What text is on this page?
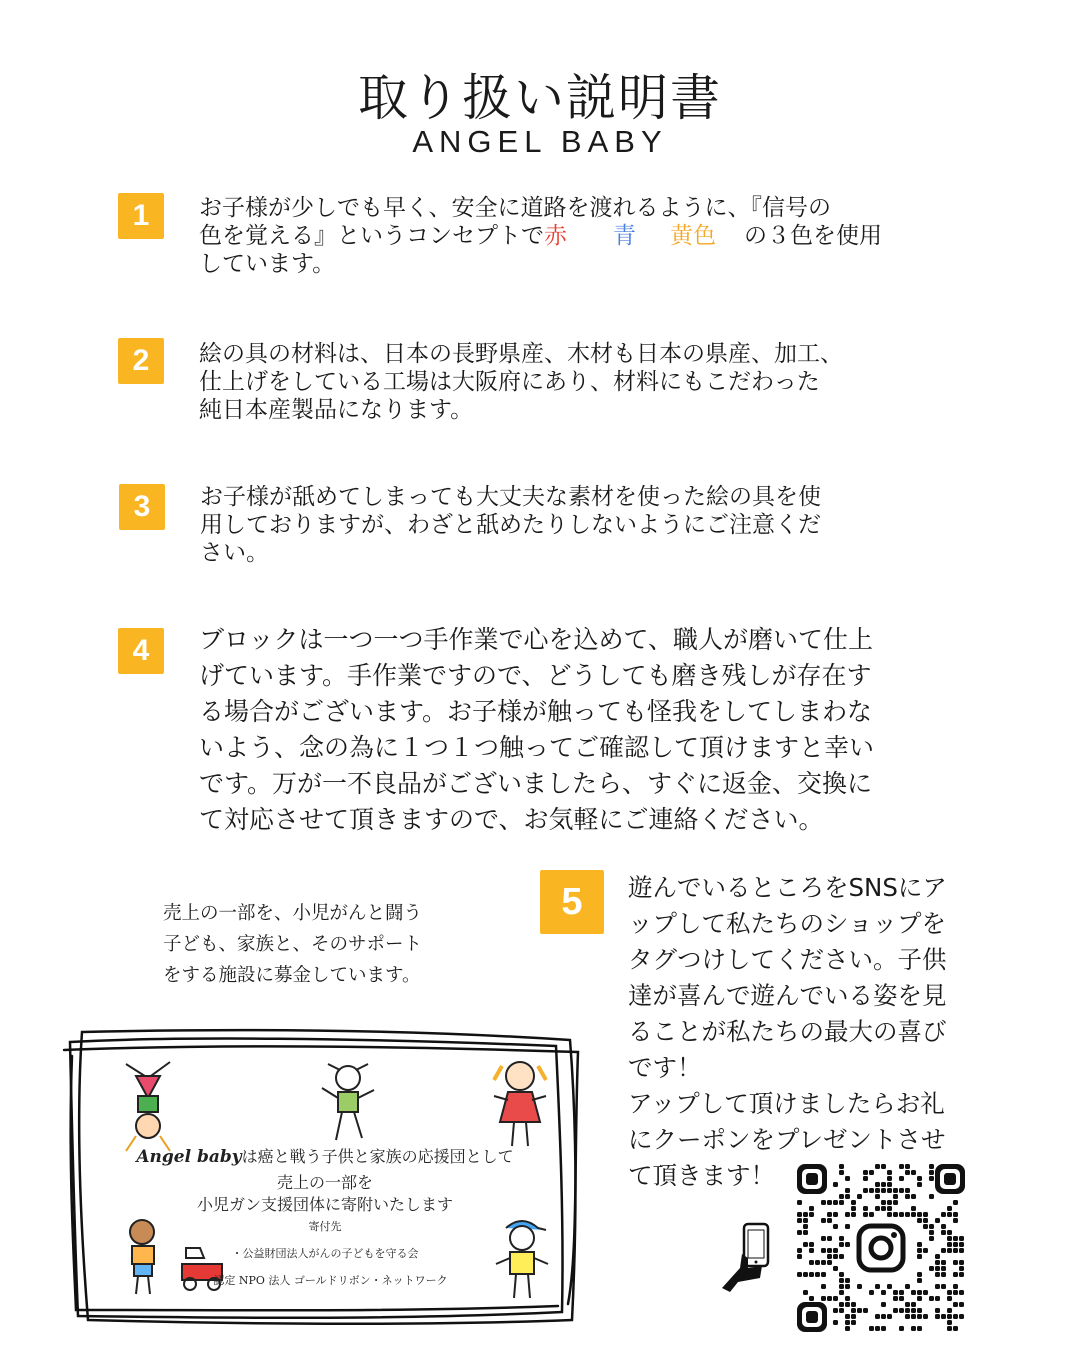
取り扱い説明書
ANGEL BABY
1	お子様が少しでも早く、安全に道路を渡れるように、『信号の
色を覚える』というコンセプトで赤 青 黄色 の３色を使用
しています。
2	絵の具の材料は、日本の長野県産、木材も日本の県産、加工、
仕上げをしている工場は大阪府にあり、材料にもこだわった
純日本産製品になります。
3	お子様が舐めてしまっても大丈夫な素材を使った絵の具を使
用しておりますが、わざと舐めたりしないようにご注意くだ
さい。
4	ブロックは一つ一つ手作業で心を込めて、職人が磨いて仕上
げています。手作業ですので、どうしても磨き残しが存在す
る場合がございます。お子様が触っても怪我をしてしまわな
いよう、念の為に１つ１つ触ってご確認して頂けますと幸い
です。万が一不良品がございましたら、すぐに返金、交換に
て対応させて頂きますので、お気軽にご連絡ください。
売上の一部を、小児がんと闘う
子ども、家族と、そのサポート
をする施設に募金しています。
5	遊んでいるところをSNSにア
ップして私たちのショップを
タグつけしてください。子供
達が喜んで遊んでいる姿を見
ることが私たちの最大の喜び
です！
アップして頂けましたらお礼
にクーポンをプレゼントさせ
て頂きます！
Angel babyは癌と戦う子供と家族の応援団として
売上の一部を
小児ガン支援団体に寄附いたします
寄付先
・公益財団法人がんの子どもを守る会
・認定 NPO 法人 ゴールドリボン・ネットワーク
